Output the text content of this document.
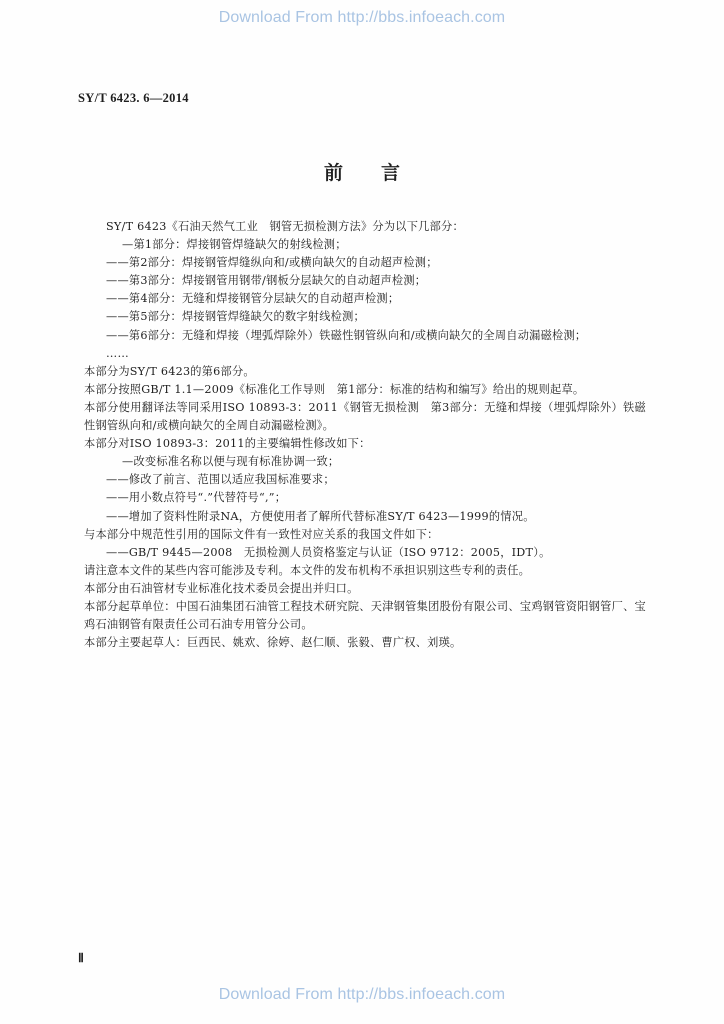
Download From http://bbs.infoeach.com
SY/T 6423. 6—2014
前言
SY/T 6423《石油天然气工业　钢管无损检测方法》分为以下几部分：
—第1部分：焊接钢管焊缝缺欠的射线检测；
——第2部分：焊接钢管焊缝纵向和/或横向缺欠的自动超声检测；
——第3部分：焊接钢管用钢带/钢板分层缺欠的自动超声检测；
——第4部分：无缝和焊接钢管分层缺欠的自动超声检测；
——第5部分：焊接钢管焊缝缺欠的数字射线检测；
——第6部分：无缝和焊接（埋弧焊除外）铁磁性钢管纵向和/或横向缺欠的全周自动漏磁检测；
……
本部分为SY/T 6423的第6部分。
本部分按照GB/T 1.1—2009《标准化工作导则　第1部分：标准的结构和编写》给出的规则起草。
本部分使用翻译法等同采用ISO 10893-3：2011《钢管无损检测　第3部分：无缝和焊接（埋弧焊除外）铁磁性钢管纵向和/或横向缺欠的全周自动漏磁检测》。
本部分对ISO 10893-3：2011的主要编辑性修改如下：
—改变标准名称以便与现有标准协调一致；
——修改了前言、范围以适应我国标准要求；
——用小数点符号“.”代替符号“,”；
——增加了资料性附录NA，方便使用者了解所代替标准SY/T 6423—1999的情况。
与本部分中规范性引用的国际文件有一致性对应关系的我国文件如下：
——GB/T 9445—2008　无损检测人员资格鉴定与认证（ISO 9712：2005，IDT）。
请注意本文件的某些内容可能涉及专利。本文件的发布机构不承担识别这些专利的责任。
本部分由石油管材专业标准化技术委员会提出并归口。
本部分起草单位：中国石油集团石油管工程技术研究院、天津钢管集团股份有限公司、宝鸡钢管资阳钢管厂、宝鸡石油钢管有限责任公司石油专用管分公司。
本部分主要起草人：巨西民、姚欢、徐婷、赵仁顺、张毅、曹广权、刘瑛。
Ⅱ
Download From http://bbs.infoeach.com
